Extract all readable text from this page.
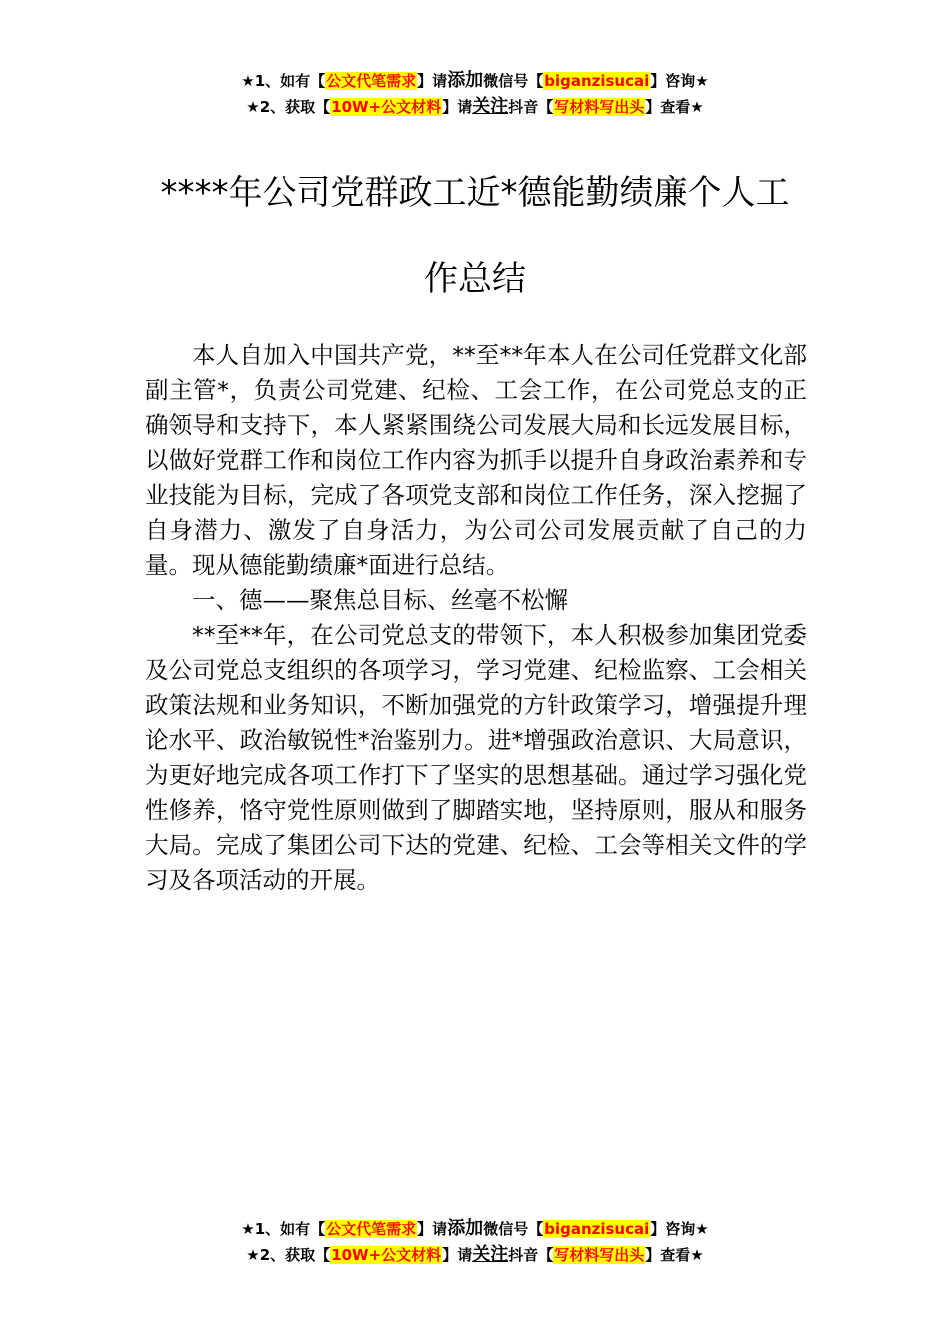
★1、如有【公文代笔需求】请添加微信号【biganzisucai】咨询★
★2、获取【10W+公文材料】请关注抖音【写材料写出头】查看★
****年公司党群政工近*德能勤绩廉个人工
作总结

本人自加入中国共产党，**至**年本人在公司任党群文化部副主管*，负责公司党建、纪检、工会工作，在公司党总支的正确领导和支持下，本人紧紧围绕公司发展大局和长远发展目标，以做好党群工作和岗位工作内容为抓手以提升自身政治素养和专业技能为目标，完成了各项党支部和岗位工作任务，深入挖掘了自身潜力、激发了自身活力，为公司公司发展贡献了自己的力量。现从德能勤绩廉*面进行总结。

一、德——聚焦总目标、丝毫不松懈

**至**年，在公司党总支的带领下，本人积极参加集团党委及公司党总支组织的各项学习，学习党建、纪检监察、工会相关政策法规和业务知识，不断加强党的方针政策学习，增强提升理论水平、政治敏锐性*治鉴别力。进*增强政治意识、大局意识，为更好地完成各项工作打下了坚实的思想基础。通过学习强化党性修养，恪守党性原则做到了脚踏实地，坚持原则，服从和服务大局。完成了集团公司下达的党建、纪检、工会等相关文件的学习及各项活动的开展。

★1、如有【公文代笔需求】请添加微信号【biganzisucai】咨询★
★2、获取【10W+公文材料】请关注抖音【写材料写出头】查看★
